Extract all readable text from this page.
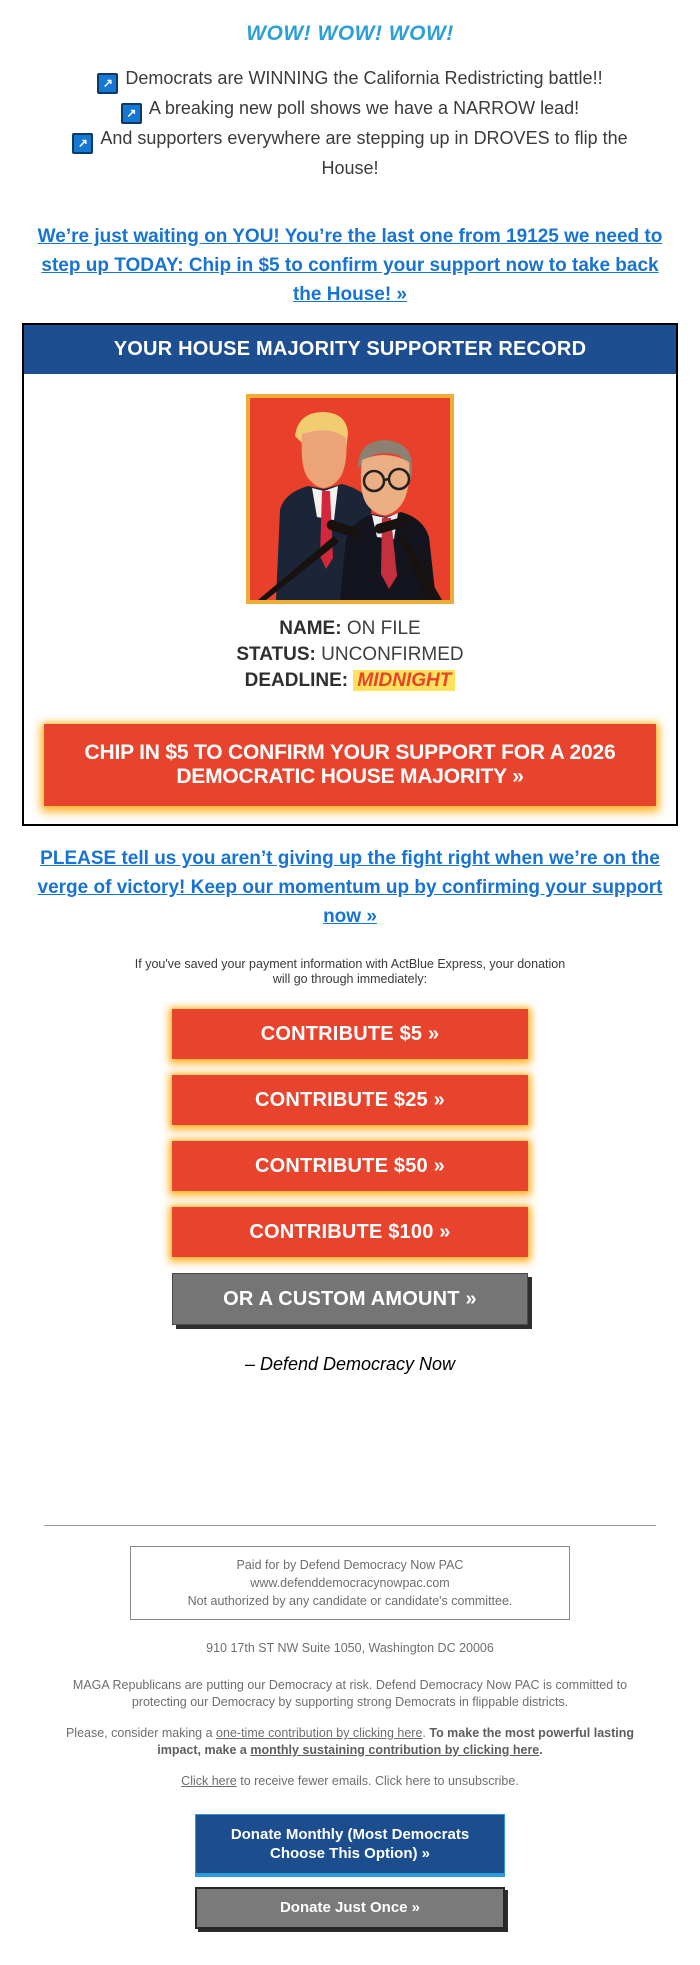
WOW! WOW! WOW!
↗ Democrats are WINNING the California Redistricting battle!!
↗ A breaking new poll shows we have a NARROW lead!
↗ And supporters everywhere are stepping up in DROVES to flip the House!
We’re just waiting on YOU! You’re the last one from 19125 we need to step up TODAY: Chip in $5 to confirm your support now to take back the House! »
YOUR HOUSE MAJORITY SUPPORTER RECORD
NAME: ON FILE
STATUS: UNCONFIRMED
DEADLINE: MIDNIGHT
CHIP IN $5 TO CONFIRM YOUR SUPPORT FOR A 2026 DEMOCRATIC HOUSE MAJORITY »
PLEASE tell us you aren’t giving up the fight right when we’re on the verge of victory! Keep our momentum up by confirming your support now »
If you've saved your payment information with ActBlue Express, your donation will go through immediately:
CONTRIBUTE $5 »
CONTRIBUTE $25 »
CONTRIBUTE $50 »
CONTRIBUTE $100 »
OR A CUSTOM AMOUNT »
– Defend Democracy Now
Paid for by Defend Democracy Now PAC
www.defenddemocracynowpac.com
Not authorized by any candidate or candidate's committee.
910 17th ST NW Suite 1050, Washington DC 20006
MAGA Republicans are putting our Democracy at risk. Defend Democracy Now PAC is committed to protecting our Democracy by supporting strong Democrats in flippable districts.
Please, consider making a one-time contribution by clicking here. To make the most powerful lasting impact, make a monthly sustaining contribution by clicking here.
Click here to receive fewer emails. Click here to unsubscribe.
Donate Monthly (Most Democrats Choose This Option) »
Donate Just Once »
